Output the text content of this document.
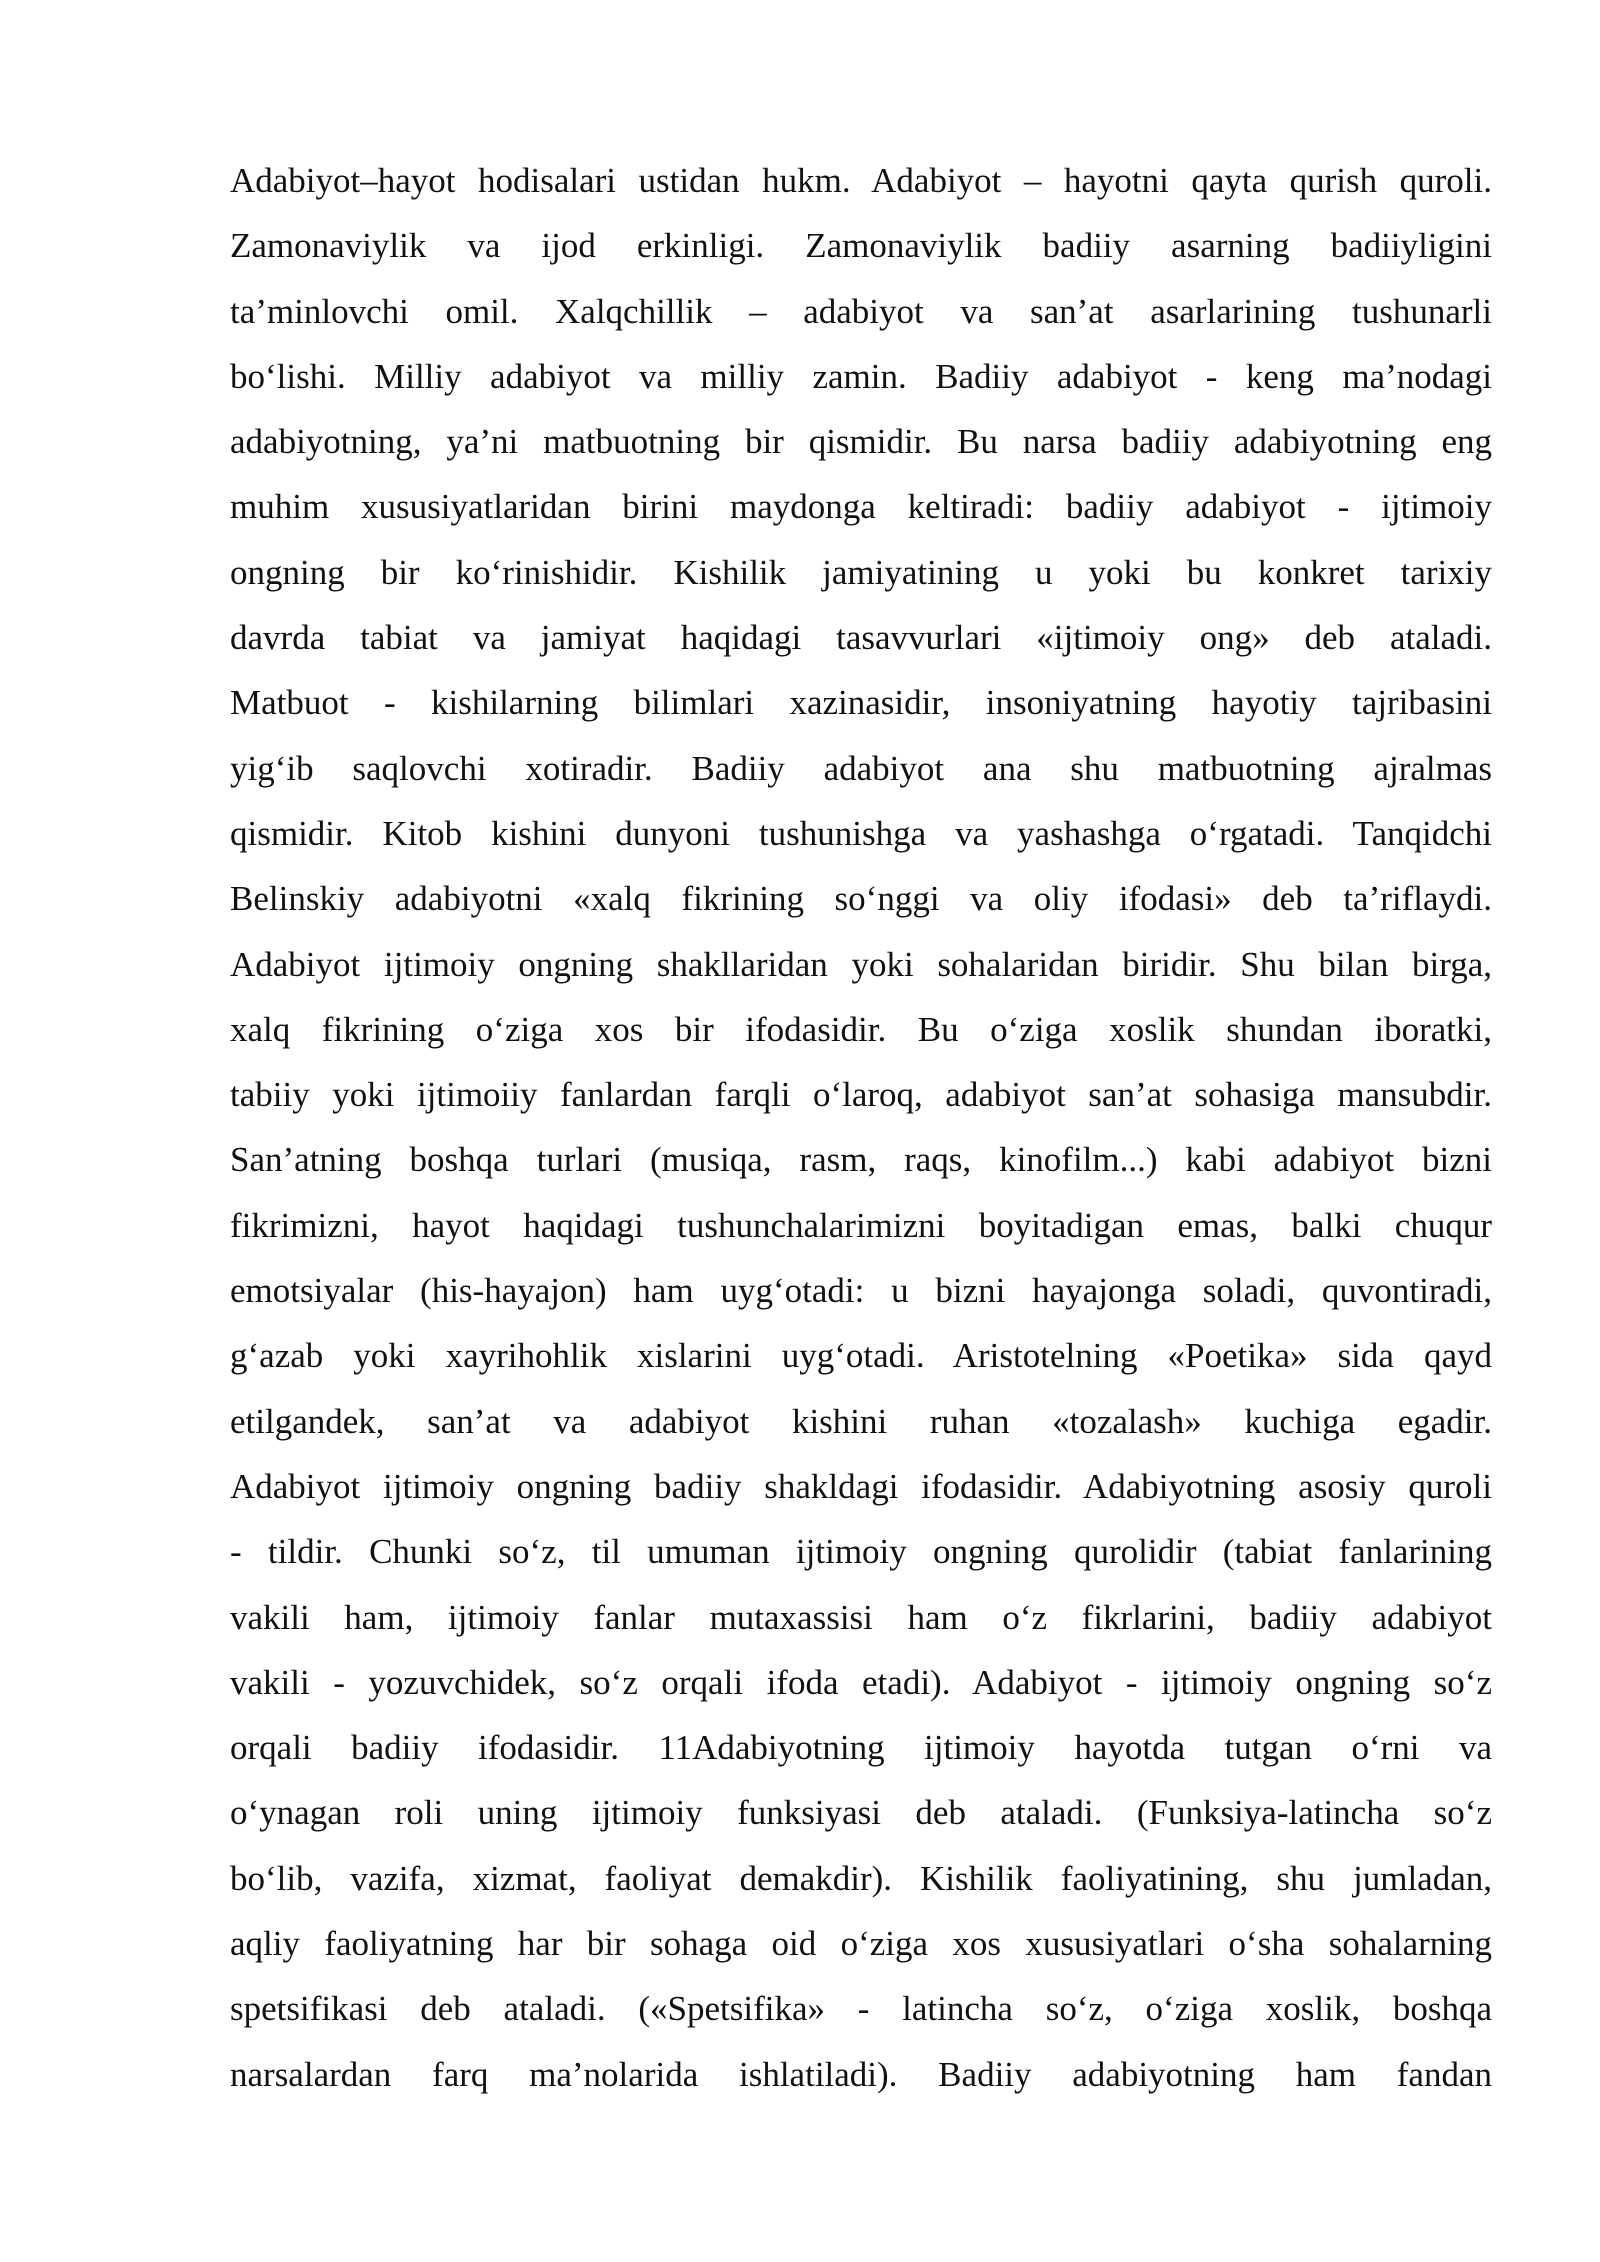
Adabiyot–hayot hodisalari ustidan hukm. Adabiyot – hayotni qayta qurish quroli.
Zamonaviylik va ijod erkinligi. Zamonaviylik badiiy asarning badiiyligini
ta’minlovchi omil. Xalqchillik – adabiyot va san’at asarlarining tushunarli
bo‘lishi. Milliy adabiyot va milliy zamin. Badiiy adabiyot - keng ma’nodagi
adabiyotning, ya’ni matbuotning bir qismidir. Bu narsa badiiy adabiyotning eng
muhim xususiyatlaridan birini maydonga keltiradi: badiiy adabiyot - ijtimoiy
ongning bir ko‘rinishidir. Kishilik jamiyatining u yoki bu konkret tarixiy
davrda tabiat va jamiyat haqidagi tasavvurlari «ijtimoiy ong» deb ataladi.
Matbuot - kishilarning bilimlari xazinasidir, insoniyatning hayotiy tajribasini
yig‘ib saqlovchi xotiradir. Badiiy adabiyot ana shu matbuotning ajralmas
qismidir. Kitob kishini dunyoni tushunishga va yashashga o‘rgatadi. Tanqidchi
Belinskiy adabiyotni «xalq fikrining so‘nggi va oliy ifodasi» deb ta’riflaydi.
Adabiyot ijtimoiy ongning shakllaridan yoki sohalaridan biridir. Shu bilan birga,
xalq fikrining o‘ziga xos bir ifodasidir. Bu o‘ziga xoslik shundan iboratki,
tabiiy yoki ijtimoiiy fanlardan farqli o‘laroq, adabiyot san’at sohasiga mansubdir.
San’atning boshqa turlari (musiqa, rasm, raqs, kinofilm...) kabi adabiyot bizni
fikrimizni, hayot haqidagi tushunchalarimizni boyitadigan emas, balki chuqur
emotsiyalar (his-hayajon) ham uyg‘otadi: u bizni hayajonga soladi, quvontiradi,
g‘azab yoki xayrihohlik xislarini uyg‘otadi. Aristotelning «Poetika» sida qayd
etilgandek, san’at va adabiyot kishini ruhan «tozalash» kuchiga egadir.
Adabiyot ijtimoiy ongning badiiy shakldagi ifodasidir. Adabiyotning asosiy quroli
- tildir. Chunki so‘z, til umuman ijtimoiy ongning qurolidir (tabiat fanlarining
vakili ham, ijtimoiy fanlar mutaxassisi ham o‘z fikrlarini, badiiy adabiyot
vakili - yozuvchidek, so‘z orqali ifoda etadi). Adabiyot - ijtimoiy ongning so‘z
orqali badiiy ifodasidir. 11Adabiyotning ijtimoiy hayotda tutgan o‘rni va
o‘ynagan roli uning ijtimoiy funksiyasi deb ataladi. (Funksiya-latincha so‘z
bo‘lib, vazifa, xizmat, faoliyat demakdir). Kishilik faoliyatining, shu jumladan,
aqliy faoliyatning har bir sohaga oid o‘ziga xos xususiyatlari o‘sha sohalarning
spetsifikasi deb ataladi. («Spetsifika» - latincha so‘z, o‘ziga xoslik, boshqa
narsalardan farq ma’nolarida ishlatiladi). Badiiy adabiyotning ham fandan
